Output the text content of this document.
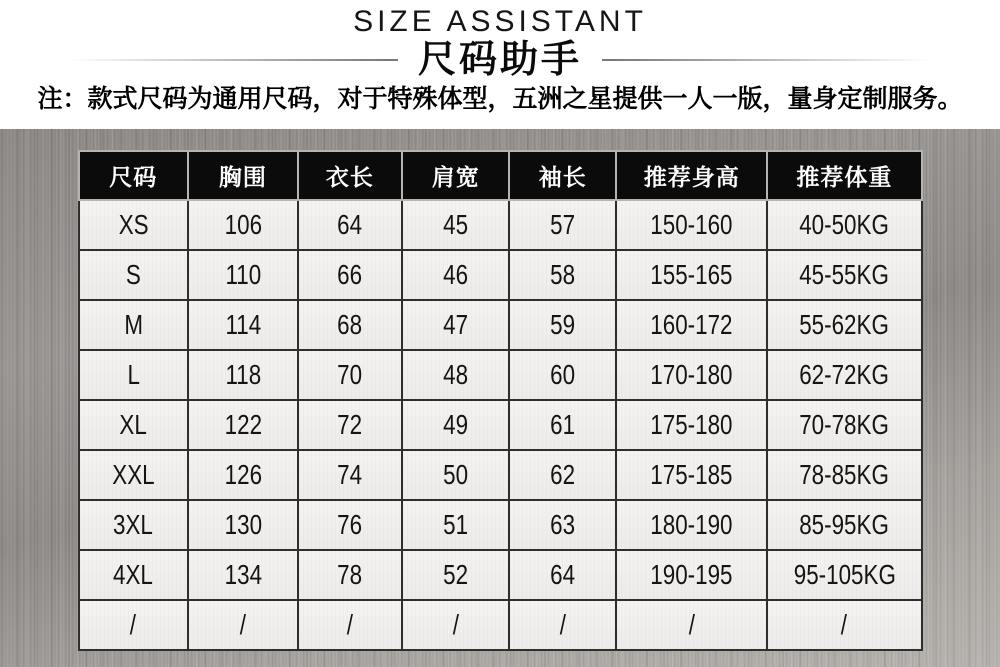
SIZE ASSISTANT
尺码助手
注：款式尺码为通用尺码，对于特殊体型，五洲之星提供一人一版，量身定制服务。
尺码	胸围	衣长	肩宽	袖长	推荐身高	推荐体重
XS	106	64	45	57	150-160	40-50KG
S	110	66	46	58	155-165	45-55KG
M	114	68	47	59	160-172	55-62KG
L	118	70	48	60	170-180	62-72KG
XL	122	72	49	61	175-180	70-78KG
XXL	126	74	50	62	175-185	78-85KG
3XL	130	76	51	63	180-190	85-95KG
4XL	134	78	52	64	190-195	95-105KG
/	/	/	/	/	/	/
